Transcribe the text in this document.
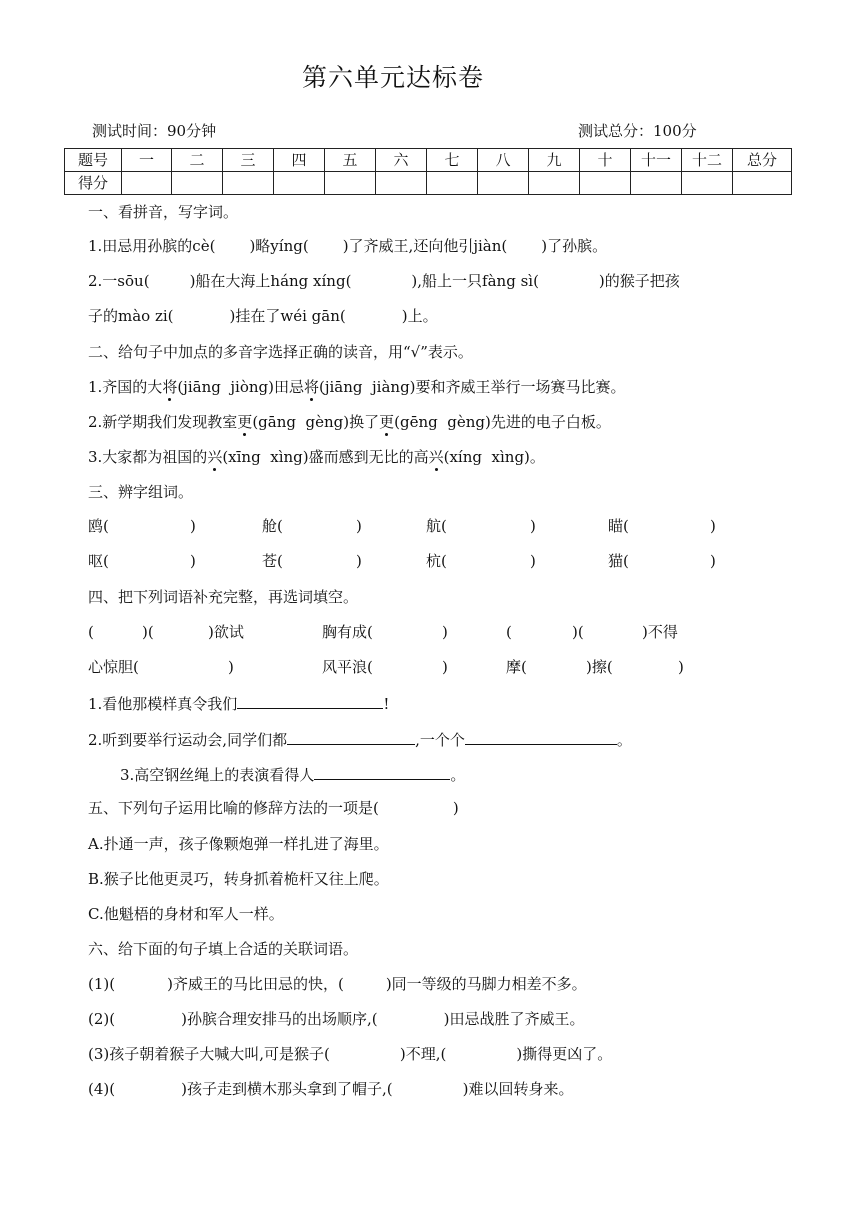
第六单元达标卷
测试时间：90分钟	测试总分：100分
题号	一	二	三	四	五	六	七	八	九	十	十一	十二	总分
得分													
一、看拼音，写字词。
1.田忌用孙膑的cè( )略yíng( )了齐威王,还向他引jiàn( )了孙膑。
2.一sōu(	)船在大海上háng xíng(	),船上一只fàng sì(	)的猴子把孩
子的mào zi(	)挂在了wéi gān(	)上。
二、给句子中加点的多音字选择正确的读音，用“√”表示。
1.齐国的大将(jiāng  jiòng)田忌将(jiāng  jiàng)要和齐威王举行一场赛马比赛。
2.新学期我们发现教室更(gāng  gèng)换了更(gēng  gèng)先进的电子白板。
3.大家都为祖国的兴(xīng  xìng)盛而感到无比的高兴(xíng  xìng)。
三、辨字组词。
鸥(	)	舱(	)	航(	)	瞄(	)
呕(	)	苍(	)	杭(	)	猫(	)
四、把下列词语补充完整，再选词填空。
(	)(	)欲试	胸有成(	)	(	)(	)不得
心惊胆(	)	风平浪(	)	摩(	)擦(	)
1.看他那模样真令我们	!
2.听到要举行运动会,同学们都	,一个个	。
3.高空钢丝绳上的表演看得人	。
五、下列句子运用比喻的修辞方法的一项是(	)
A.扑通一声，孩子像颗炮弹一样扎进了海里。
B.猴子比他更灵巧，转身抓着桅杆又往上爬。
C.他魁梧的身材和军人一样。
六、给下面的句子填上合适的关联词语。
(1)(	)齐威王的马比田忌的快，(	)同一等级的马脚力相差不多。
(2)(	)孙膑合理安排马的出场顺序,(	)田忌战胜了齐威王。
(3)孩子朝着猴子大喊大叫,可是猴子(	)不理,(	)撕得更凶了。
(4)(	)孩子走到横木那头拿到了帽子,(	)难以回转身来。
